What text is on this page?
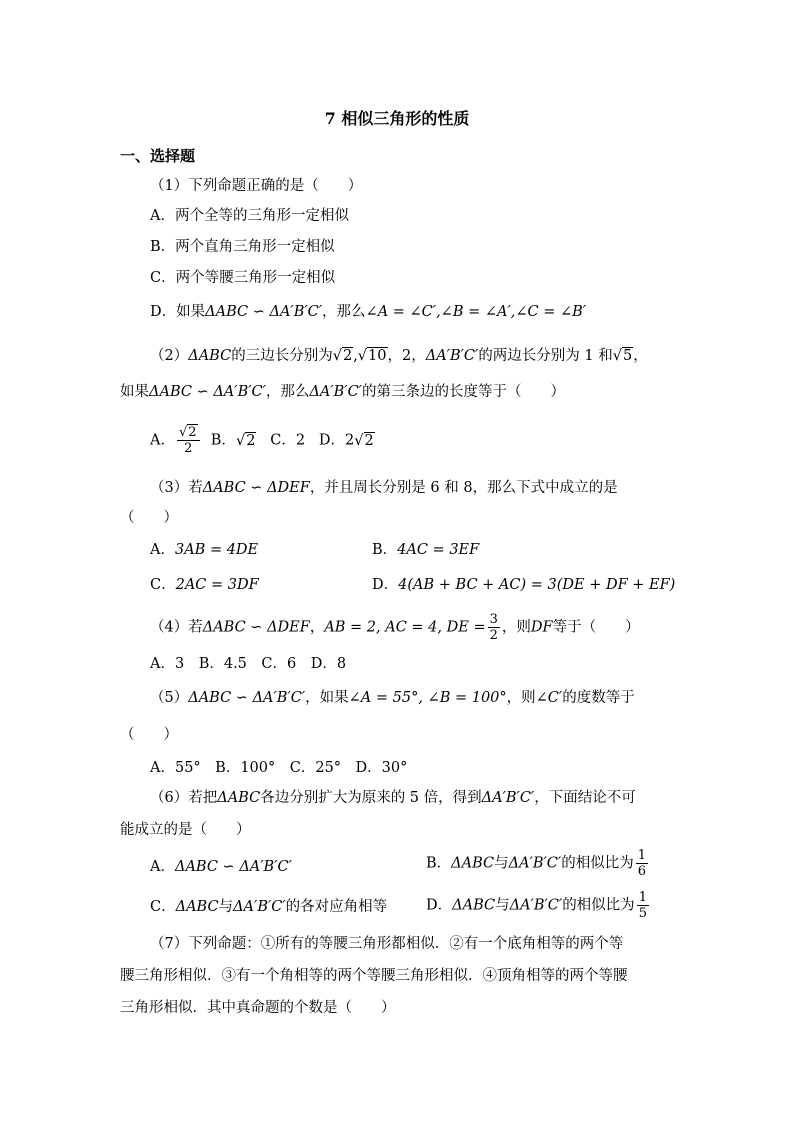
7 相似三角形的性质
一、选择题
（1）下列命题正确的是（　　）
A．两个全等的三角形一定相似
B．两个直角三角形一定相似
C．两个等腰三角形一定相似
D．如果ΔABC ∽ ΔA′B′C′，那么∠A = ∠C′,∠B = ∠A′,∠C = ∠B′
（2）ΔABC的三边长分别为√2,√10，2，ΔA′B′C′的两边长分别为 1 和√5，
如果ΔABC ∽ ΔA′B′C′，那么ΔA′B′C′的第三条边的长度等于（　　）
A． $\frac{√2}{2}$ B．√2 C．2 D．2√2
（3）若ΔABC ∽ ΔDEF，并且周长分别是 6 和 8，那么下式中成立的是
（　　）
A．3AB = 4DE	B．4AC = 3EF
C．2AC = 3DF	D．4(AB + BC + AC) = 3(DE + DF + EF)
（4）若ΔABC ∽ ΔDEF，AB = 2, AC = 4, DE = $\frac{3}{2}$ ，则DF等于（　　）
A．3　B．4.5　C．6　D．8
（5）ΔABC ∽ ΔA′B′C′，如果∠A = 55°, ∠B = 100°，则∠C′的度数等于
（　　）
A．55°　B．100°　C．25°　D．30°
（6）若把ΔABC各边分别扩大为原来的 5 倍，得到ΔA′B′C′，下面结论不可
能成立的是（　　）
A．ΔABC ∽ ΔA′B′C′	B．ΔABC与ΔA′B′C′的相似比为 $\frac{1}{6}$
C．ΔABC与ΔA′B′C′的各对应角相等	D．ΔABC与ΔA′B′C′的相似比为 $\frac{1}{5}$
（7）下列命题：①所有的等腰三角形都相似．②有一个底角相等的两个等
腰三角形相似．③有一个角相等的两个等腰三角形相似．④顶角相等的两个等腰
三角形相似．其中真命题的个数是（　　）
